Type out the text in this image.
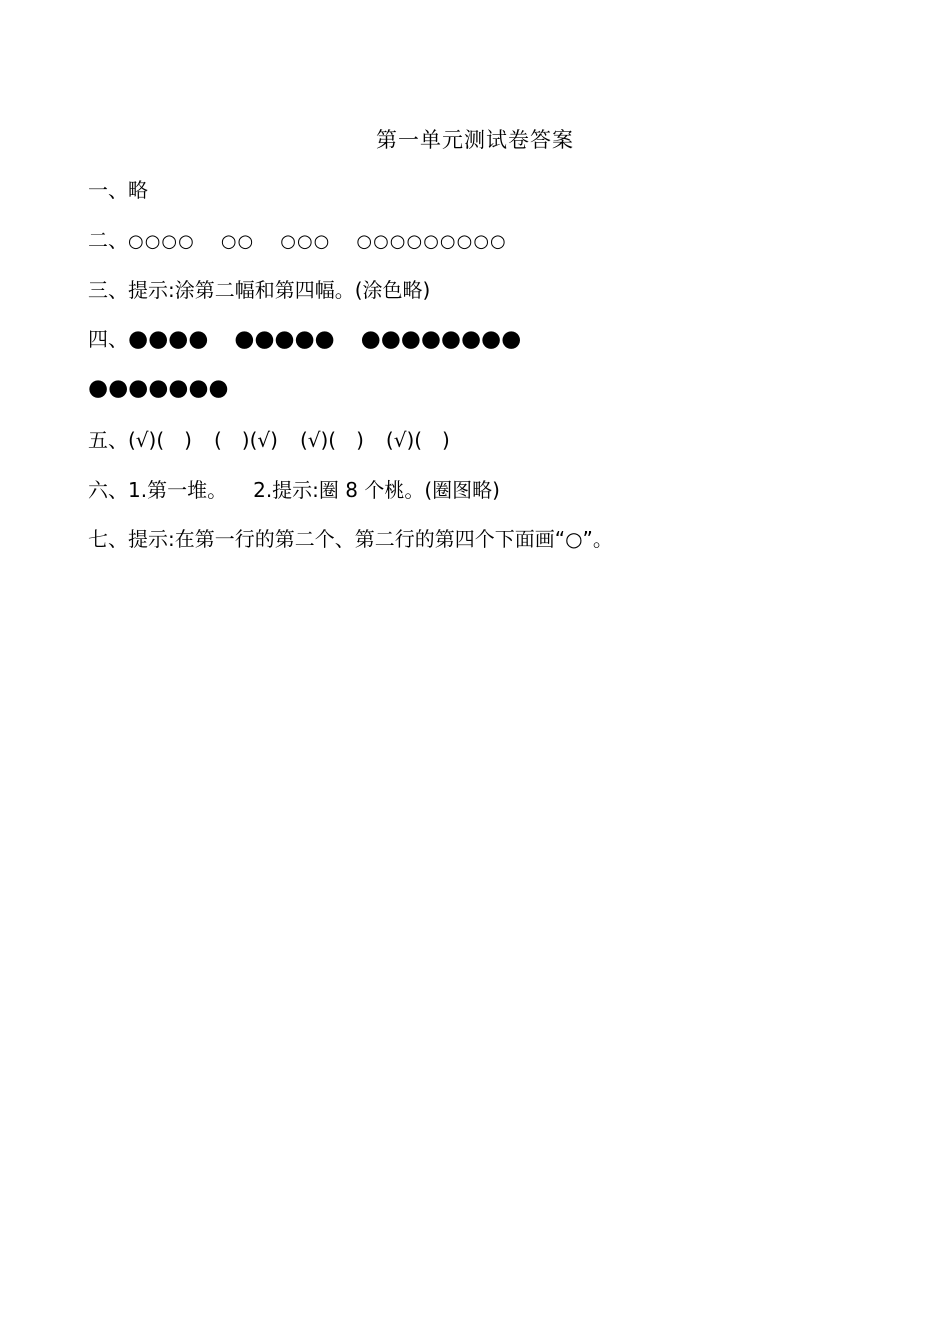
第一单元测试卷答案
一、略
二、○○○○ ○○ ○○○ ○○○○○○○○○
三、提示:涂第二幅和第四幅。(涂色略)
四、●●●● ●●●●● ●●●●●●●●
●●●●●●●
五、(√)(　) (　)(√) (√)(　) (√)(　)
六、1.第一堆。 2.提示:圈 8 个桃。(圈图略)
七、提示:在第一行的第二个、第二行的第四个下面画“○”。
